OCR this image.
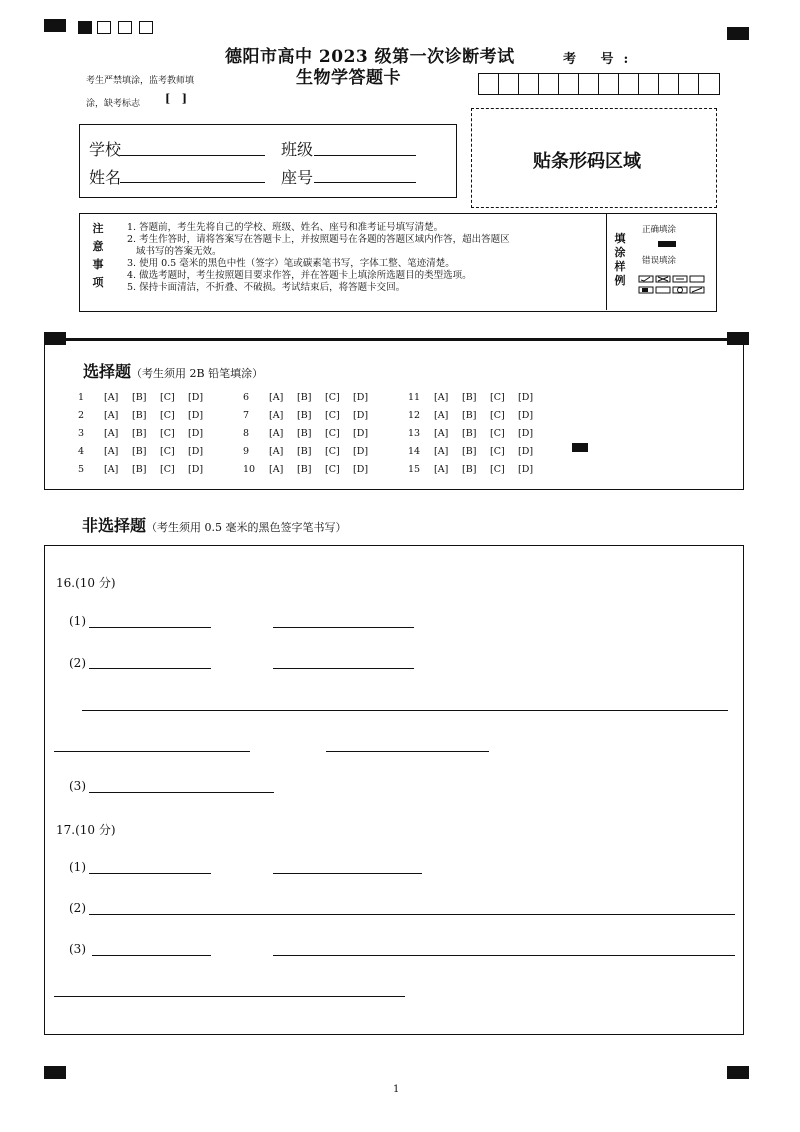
德阳市高中 2023 级第一次诊断考试
生物学答题卡
考 号:
考生严禁填涂，监考教师填
涂，缺考标志 [   ]
学校	班级
姓名	座号
贴条形码区域
注
意
事
项
1. 答题前，考生先将自己的学校、班级、姓名、座号和准考证号填写清楚。
2. 考生作答时，请将答案写在答题卡上，并按照题号在各题的答题区域内作答，超出答题区
域书写的答案无效。
3. 使用 0.5 毫米的黑色中性（签字）笔或碳素笔书写，字体工整、笔迹清楚。
4. 做选考题时，考生按照题目要求作答，并在答题卡上填涂所选题目的类型选项。
5. 保持卡面清洁，不折叠、不破损。考试结束后，将答题卡交回。
填
涂
样
例
正确填涂
错误填涂
选择题（考生须用 2B 铅笔填涂）
1	[A]	[B]	[C]	[D]
2	[A]	[B]	[C]	[D]
3	[A]	[B]	[C]	[D]
4	[A]	[B]	[C]	[D]
5	[A]	[B]	[C]	[D]
6	[A]	[B]	[C]	[D]
7	[A]	[B]	[C]	[D]
8	[A]	[B]	[C]	[D]
9	[A]	[B]	[C]	[D]
10	[A]	[B]	[C]	[D]
11	[A]	[B]	[C]	[D]
12	[A]	[B]	[C]	[D]
13	[A]	[B]	[C]	[D]
14	[A]	[B]	[C]	[D]
15	[A]	[B]	[C]	[D]
非选择题（考生须用 0.5 毫米的黑色签字笔书写）
16.(10 分)
(1)
(2)
(3)
17.(10 分)
(1)
(2)
(3)
1
